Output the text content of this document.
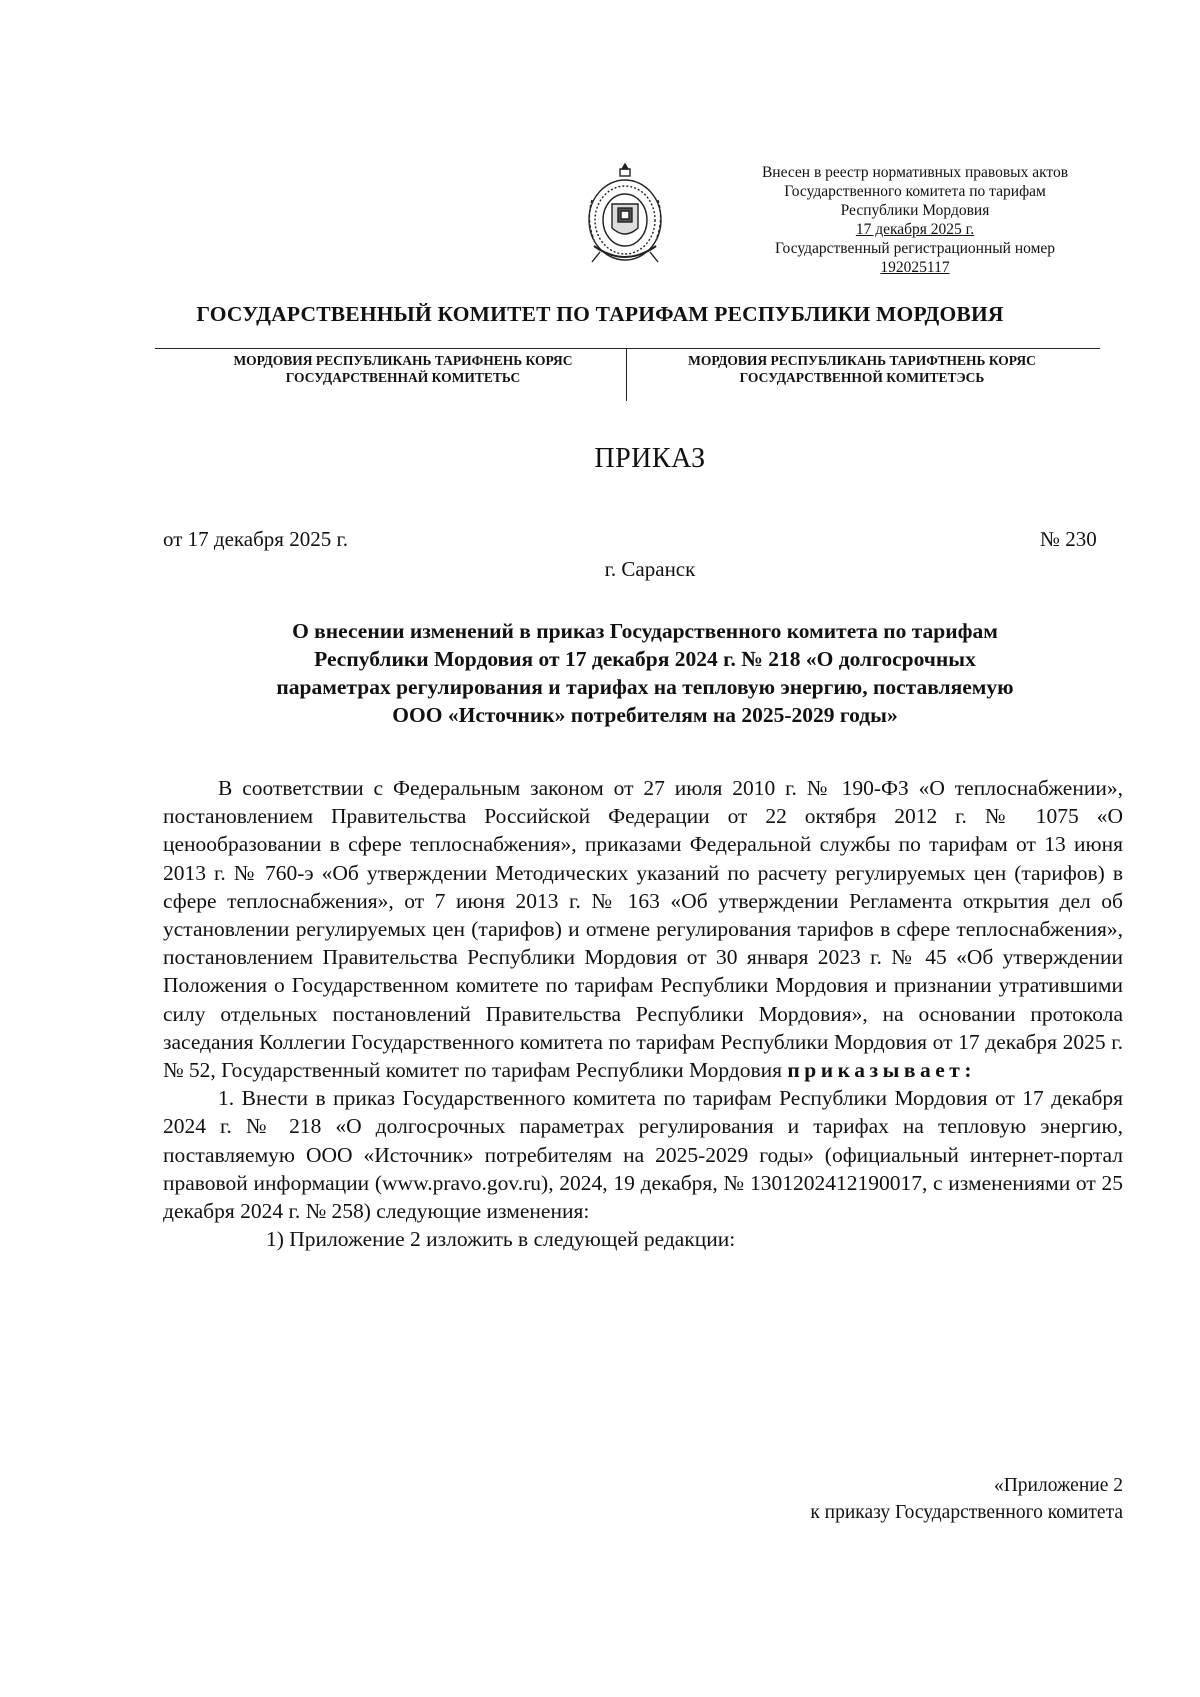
Внесен в реестр нормативных правовых актов
Государственного комитета по тарифам
Республики Мордовия
17 декабря 2025 г.
Государственный регистрационный номер
192025117
ГОСУДАРСТВЕННЫЙ КОМИТЕТ ПО ТАРИФАМ РЕСПУБЛИКИ МОРДОВИЯ
МОРДОВИЯ РЕСПУБЛИКАНЬ ТАРИФНЕНЬ КОРЯС
ГОСУДАРСТВЕННАЙ КОМИТЕТЬС
МОРДОВИЯ РЕСПУБЛИКАНЬ ТАРИФТНЕНЬ КОРЯС
ГОСУДАРСТВЕННОЙ КОМИТЕТЭСЬ
ПРИКАЗ
от 17 декабря 2025 г.	№ 230
г. Саранск
О внесении изменений в приказ Государственного комитета по тарифам
Республики Мордовия от 17 декабря 2024 г. № 218 «О долгосрочных
параметрах регулирования и тарифах на тепловую энергию, поставляемую
ООО «Источник» потребителям на 2025-2029 годы»

В соответствии с Федеральным законом от 27 июля 2010 г. № 190-ФЗ «О теплоснабжении», постановлением Правительства Российской Федерации от 22 октября 2012 г. № 1075 «О ценообразовании в сфере теплоснабжения», приказами Федеральной службы по тарифам от 13 июня 2013 г. № 760-э «Об утверждении Методических указаний по расчету регулируемых цен (тарифов) в сфере теплоснабжения», от 7 июня 2013 г. № 163 «Об утверждении Регламента открытия дел об установлении регулируемых цен (тарифов) и отмене регулирования тарифов в сфере теплоснабжения», постановлением Правительства Республики Мордовия от 30 января 2023 г. № 45 «Об утверждении Положения о Государственном комитете по тарифам Республики Мордовия и признании утратившими силу отдельных постановлений Правительства Республики Мордовия», на основании протокола заседания Коллегии Государственного комитета по тарифам Республики Мордовия от 17 декабря 2025 г. № 52, Государственный комитет по тарифам Республики Мордовия приказывает:

1. Внести в приказ Государственного комитета по тарифам Республики Мордовия от 17 декабря 2024 г. № 218 «О долгосрочных параметрах регулирования и тарифах на тепловую энергию, поставляемую ООО «Источник» потребителям на 2025-2029 годы» (официальный интернет-портал правовой информации (www.pravo.gov.ru), 2024, 19 декабря, № 1301202412190017, с изменениями от 25 декабря 2024 г. № 258) следующие изменения:

1) Приложение 2 изложить в следующей редакции:

«Приложение 2
к приказу Государственного комитета
